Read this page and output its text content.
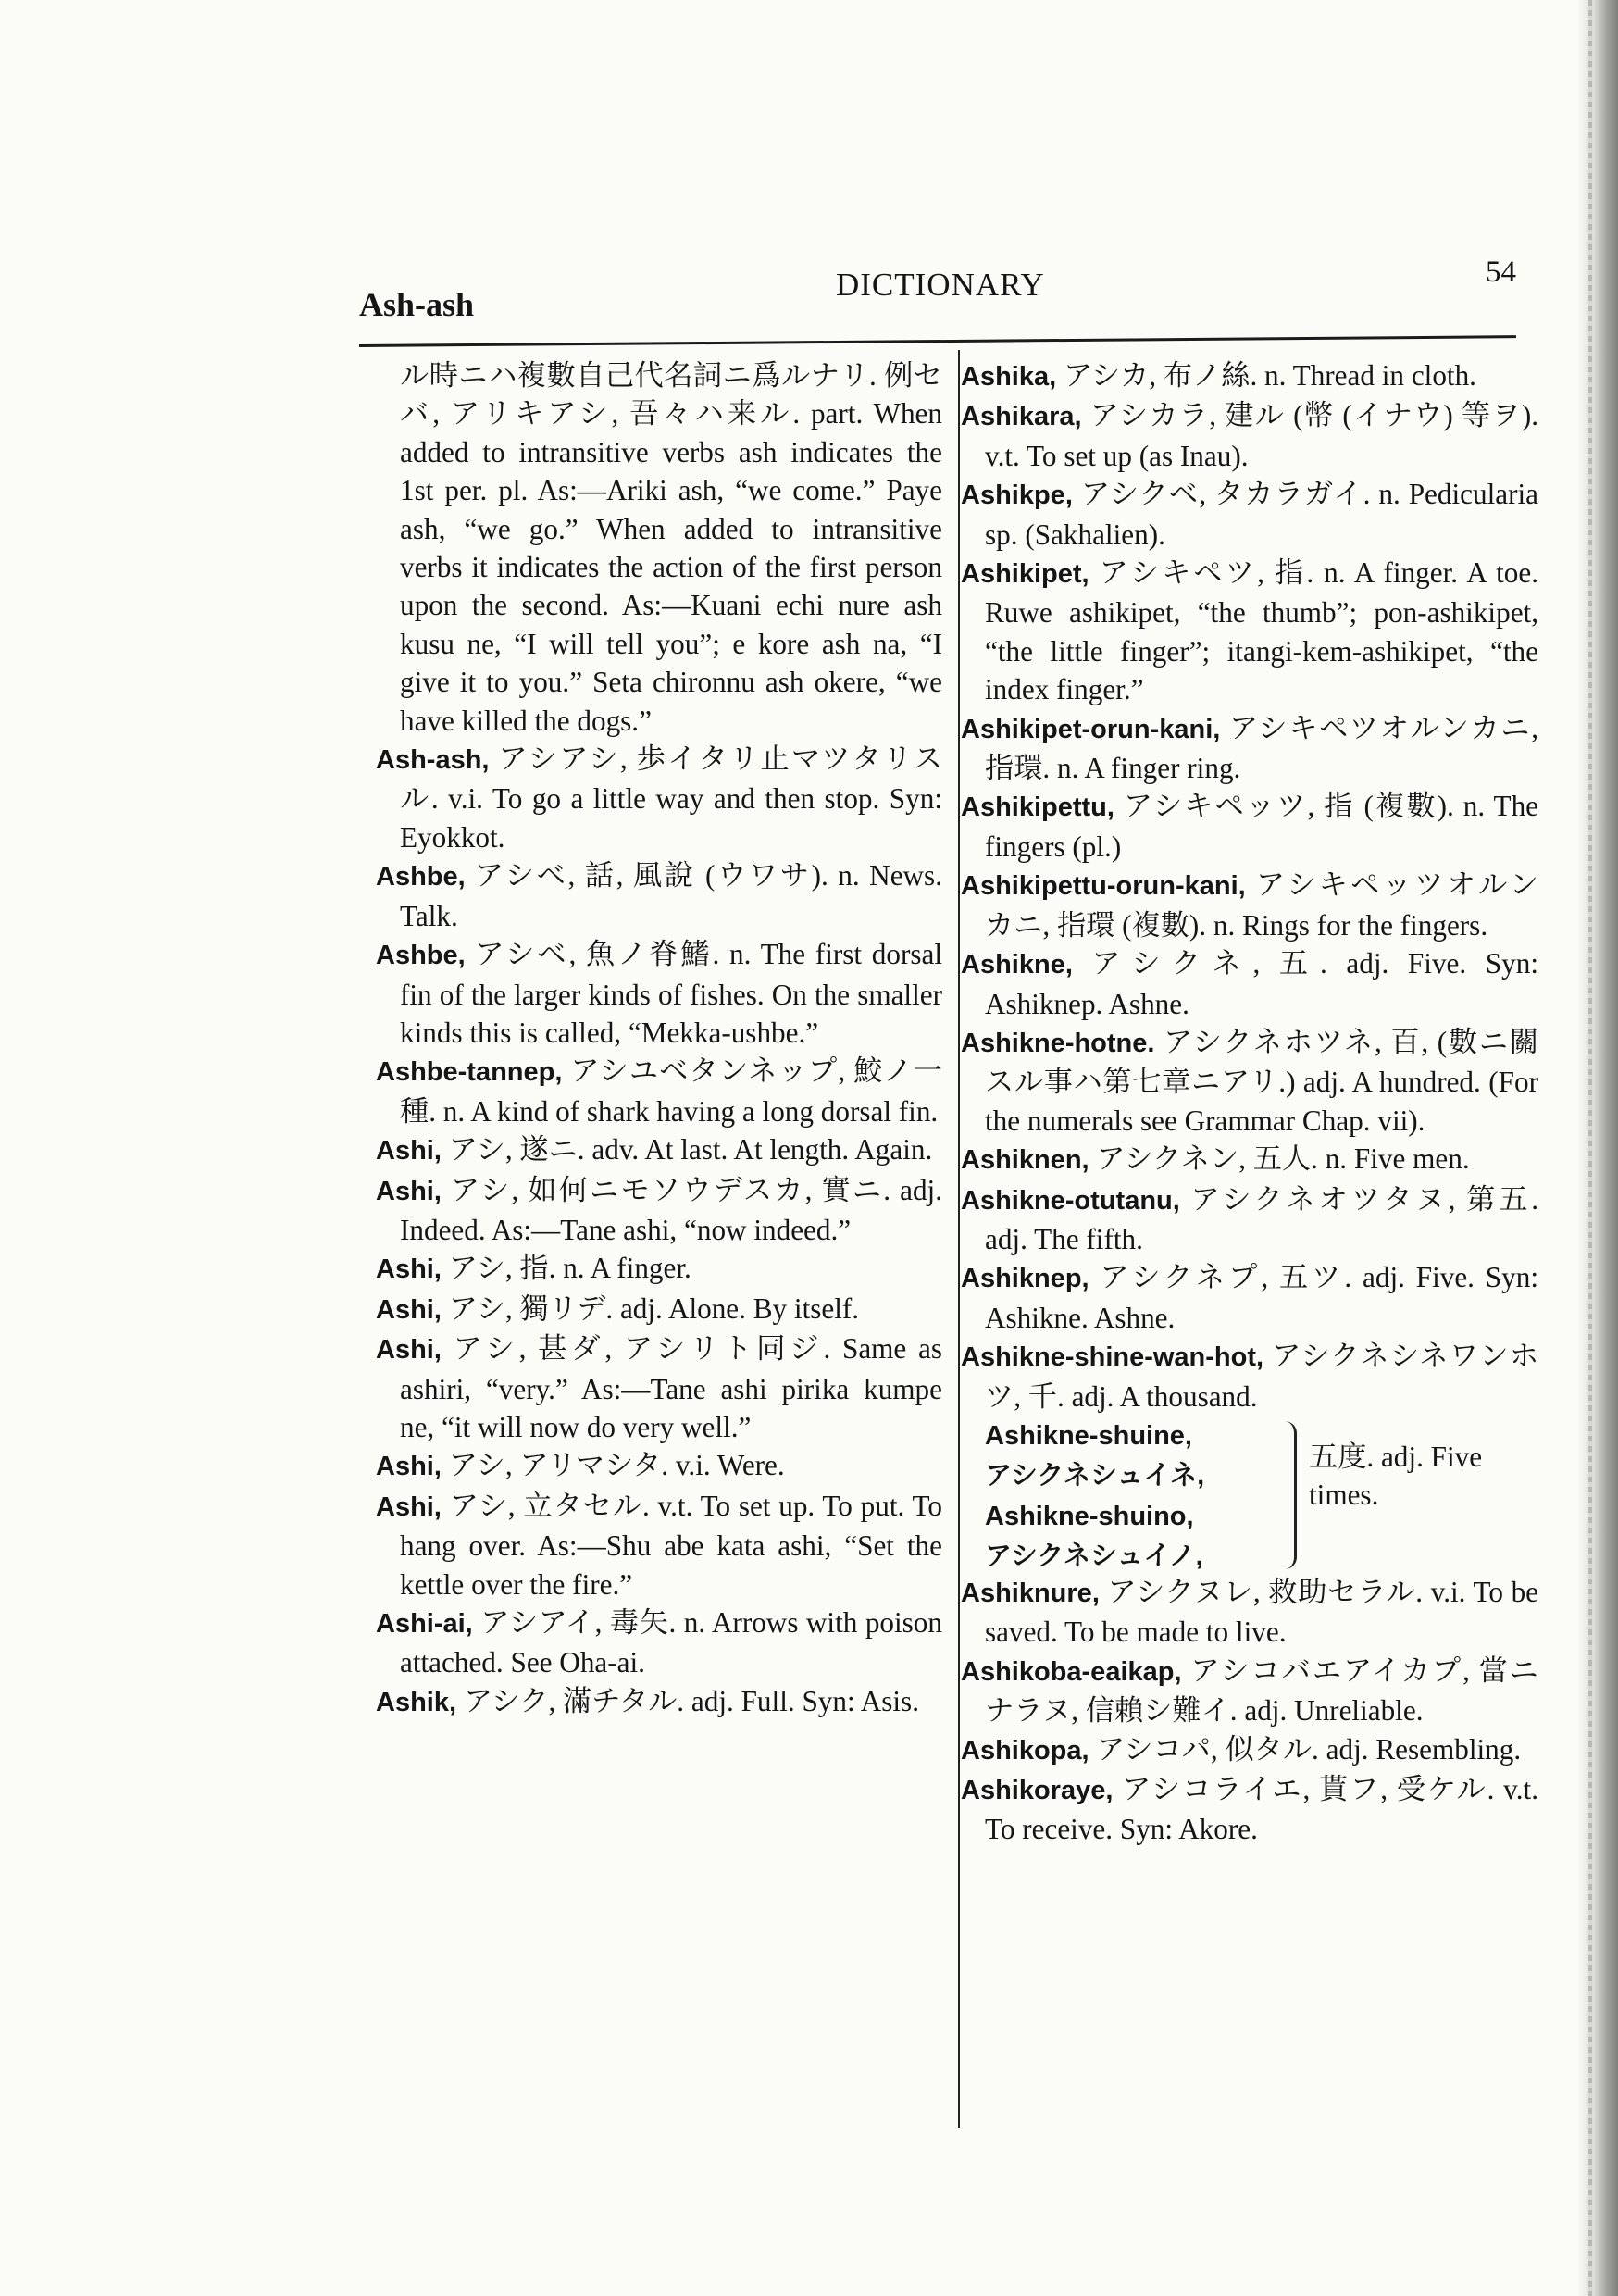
Ash-ash
DICTIONARY	54

ル時ニハ複數自己代名詞ニ爲ルナリ. 例セバ, アリキアシ, 吾々ハ来ル. part. When added to intransitive verbs ash indicates the 1st per. pl. As:—Ariki ash, “we come.” Paye ash, “we go.” When added to intransitive verbs it indicates the action of the first person upon the second. As:—Kuani echi nure ash kusu ne, “I will tell you”; e kore ash na, “I give it to you.” Seta chironnu ash okere, “we have killed the dogs.”

Ash-ash, アシアシ, 歩イタリ止マツタリスル. v.i. To go a little way and then stop. Syn: Eyokkot.

Ashbe, アシベ, 話, 風說 (ウワサ). n. News. Talk.

Ashbe, アシベ, 魚ノ脊鰭. n. The first dorsal fin of the larger kinds of fishes. On the smaller kinds this is called, “Mekka-ushbe.”

Ashbe-tannep, アシユベタンネップ, 鮫ノ一種. n. A kind of shark having a long dorsal fin.

Ashi, アシ, 遂ニ. adv. At last. At length. Again.

Ashi, アシ, 如何ニモソウデスカ, 實ニ. adj. Indeed. As:—Tane ashi, “now indeed.”

Ashi, アシ, 指. n. A finger.

Ashi, アシ, 獨リデ. adj. Alone. By itself.

Ashi, アシ, 甚ダ, アシリト同ジ. Same as ashiri, “very.” As:—Tane ashi pirika kumpe ne, “it will now do very well.”

Ashi, アシ, アリマシタ. v.i. Were.

Ashi, アシ, 立タセル. v.t. To set up. To put. To hang over. As:—Shu abe kata ashi, “Set the kettle over the fire.”

Ashi-ai, アシアイ, 毒矢. n. Arrows with poison attached. See Oha-ai.

Ashik, アシク, 滿チタル. adj. Full. Syn: Asis.

Ashika, アシカ, 布ノ絲. n. Thread in cloth.

Ashikara, アシカラ, 建ル (幣 (イナウ) 等ヲ). v.t. To set up (as Inau).

Ashikpe, アシクベ, タカラガイ. n. Pedicularia sp. (Sakhalien).

Ashikipet, アシキペツ, 指. n. A finger. A toe. Ruwe ashikipet, “the thumb”; pon-ashikipet, “the little finger”; itangi-kem-ashikipet, “the index finger.”

Ashikipet-orun-kani, アシキペツオルンカニ, 指環. n. A finger ring.

Ashikipettu, アシキペッツ, 指 (複數). n. The fingers (pl.)

Ashikipettu-orun-kani, アシキペッツオルンカニ, 指環 (複數). n. Rings for the fingers.

Ashikne, アシクネ, 五. adj. Five. Syn: Ashiknep. Ashne.

Ashikne-hotne. アシクネホツネ, 百, (數ニ關スル事ハ第七章ニアリ.) adj. A hundred. (For the numerals see Grammar Chap. vii).

Ashiknen, アシクネン, 五人. n. Five men.

Ashikne-otutanu, アシクネオツタヌ, 第五. adj. The fifth.

Ashiknep, アシクネプ, 五ツ. adj. Five. Syn: Ashikne. Ashne.

Ashikne-shine-wan-hot, アシクネシネワンホツ, 千. adj. A thousand.

Ashikne-shuine,
アシクネシュイネ,
Ashikne-shuino,
アシクネシュイノ,
五度. adj. Five times.

Ashiknure, アシクヌレ, 救助セラル. v.i. To be saved. To be made to live.

Ashikoba-eaikap, アシコバエアイカプ, 當ニナラヌ, 信賴シ難イ. adj. Unreliable.

Ashikopa, アシコパ, 似タル. adj. Resembling.

Ashikoraye, アシコライエ, 貰フ, 受ケル. v.t. To receive. Syn: Akore.
